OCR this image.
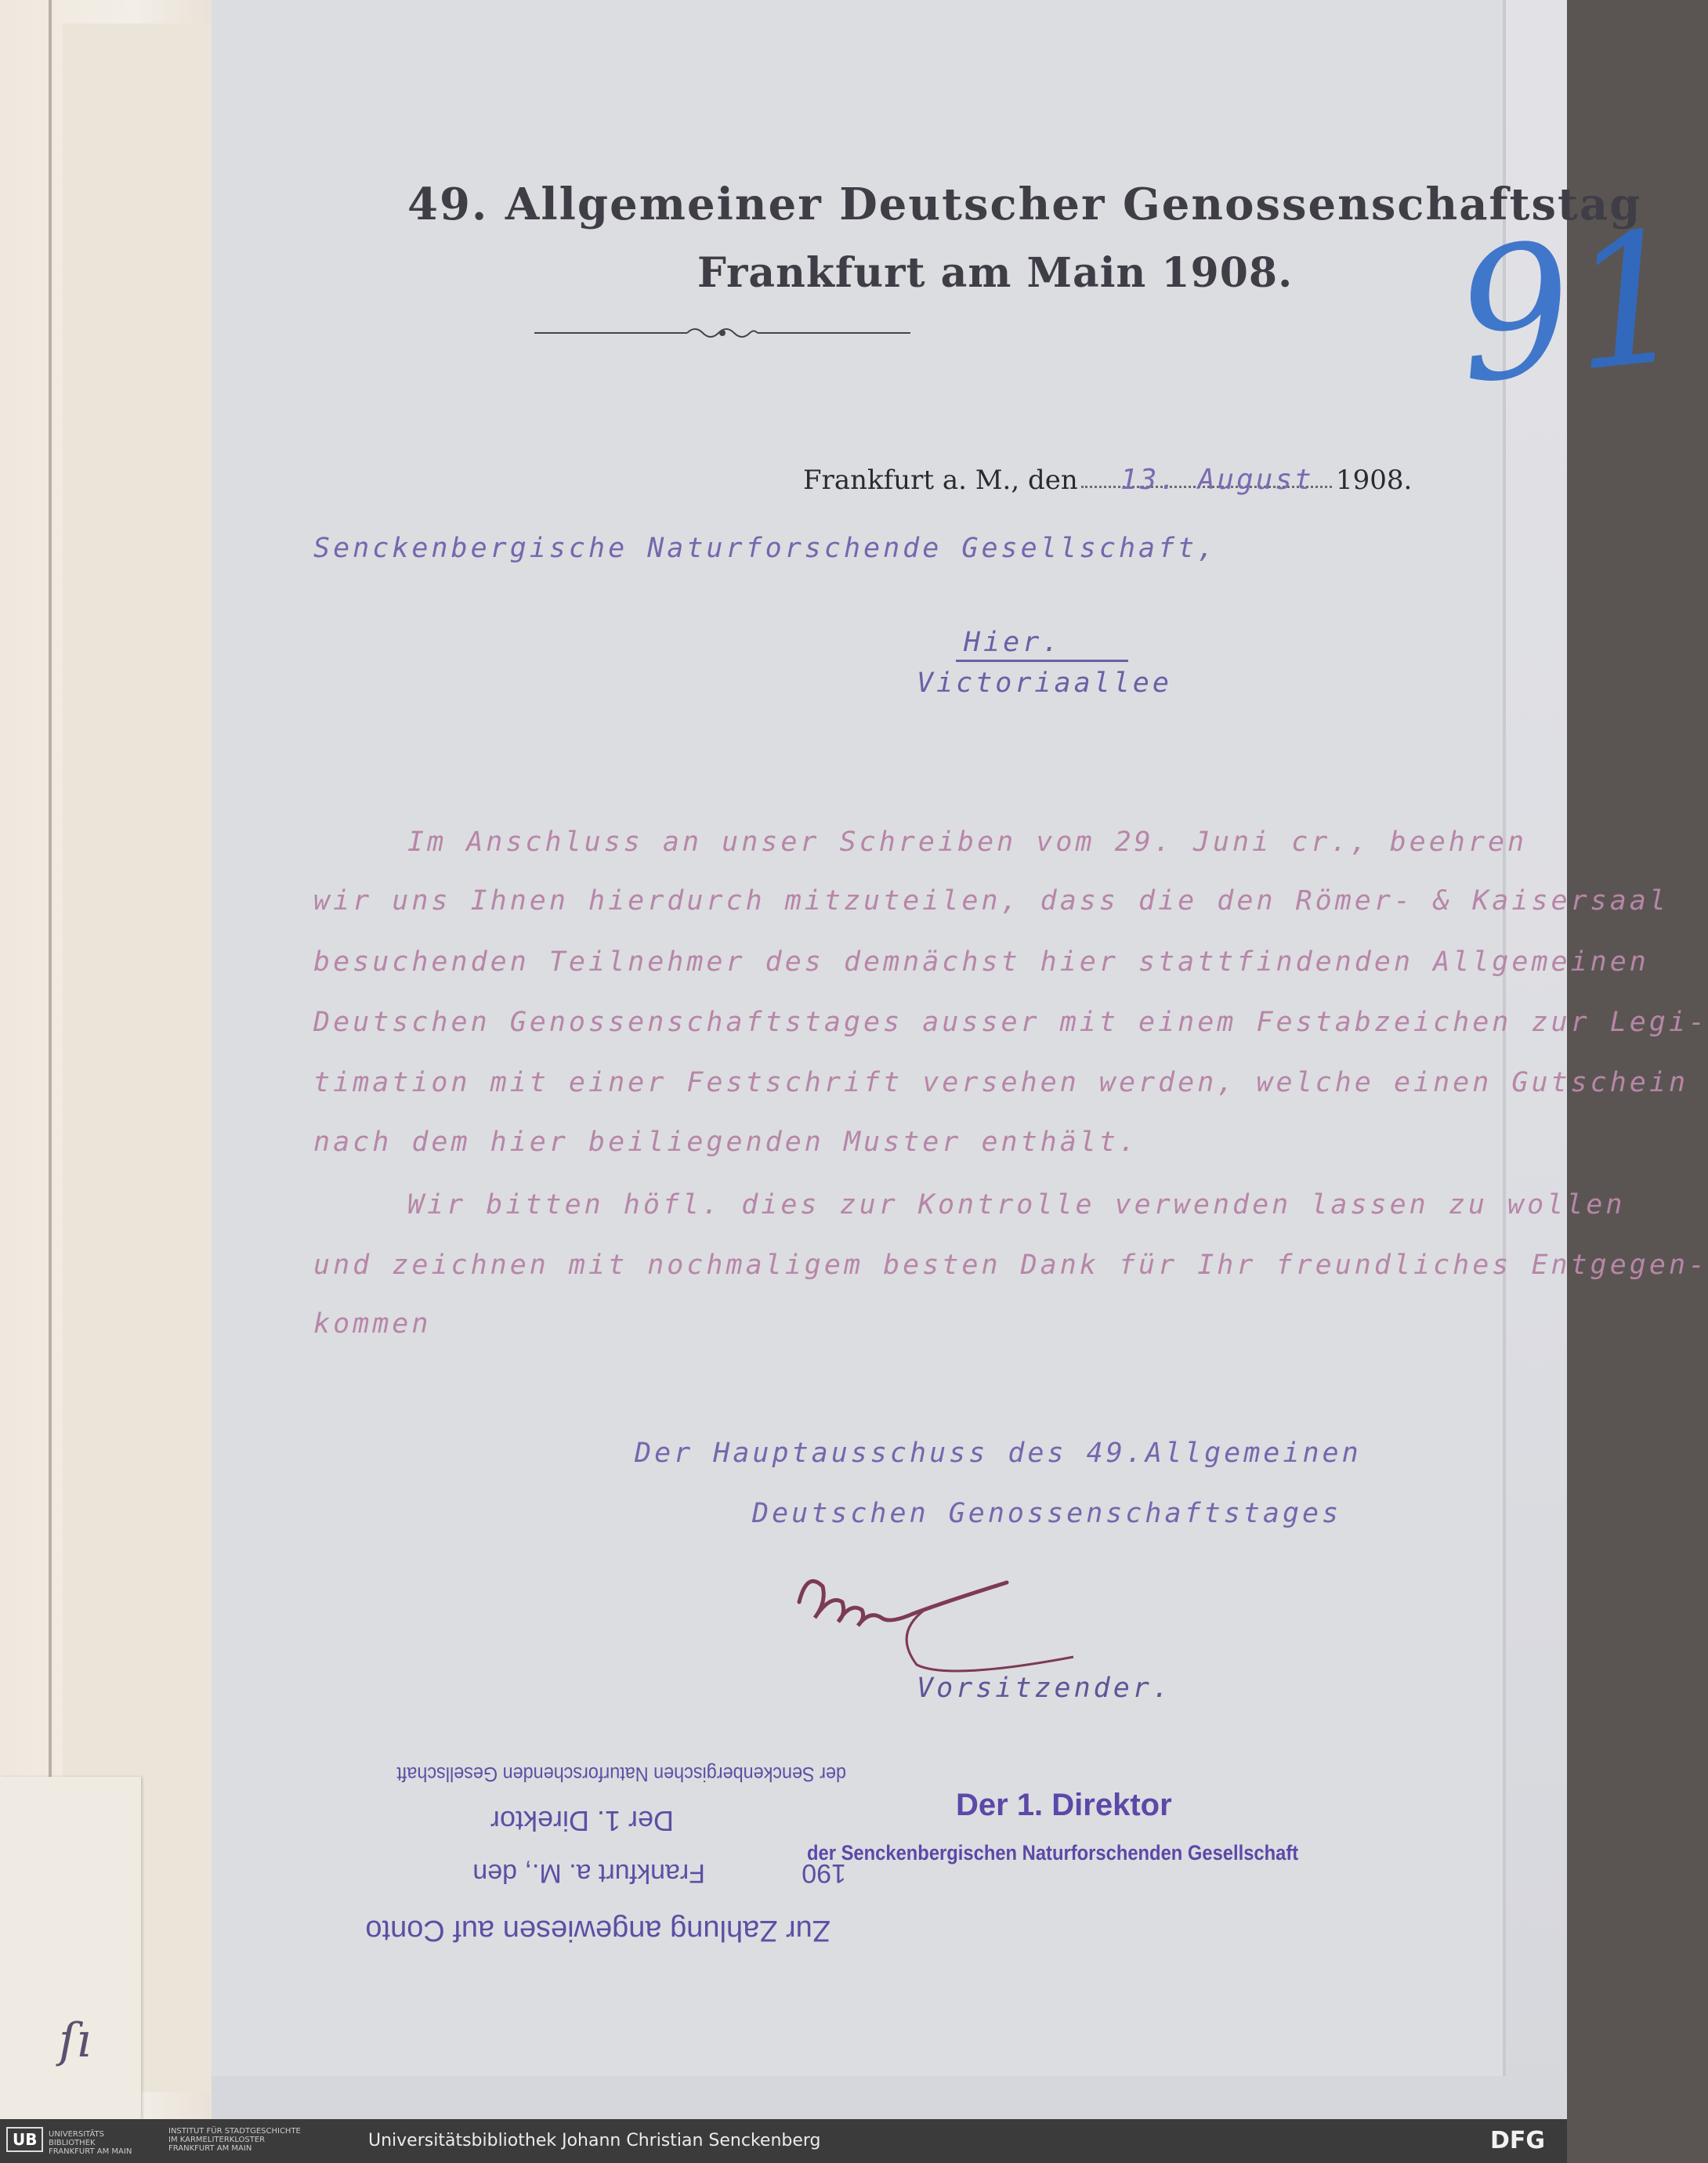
49. Allgemeiner Deutscher Genossenschaftstag
Frankfurt am Main 1908. 91
Frankfurt a. M., den 13. August 1908.
Senckenbergische Naturforschende Gesellschaft,
Hier.
Victoriaallee
Im Anschluss an unser Schreiben vom 29. Juni cr., beehren
wir uns Ihnen hierdurch mitzuteilen, dass die den Römer- & Kaisersaal
besuchenden Teilnehmer des demnächst hier stattfindenden Allgemeinen
Deutschen Genossenschaftstages ausser mit einem Festabzeichen zur Legi-
timation mit einer Festschrift versehen werden, welche einen Gutschein
nach dem hier beiliegenden Muster enthält.
Wir bitten höfl. dies zur Kontrolle verwenden lassen zu wollen
und zeichnen mit nochmaligem besten Dank für Ihr freundliches Entgegen-
kommen
Der Hauptausschuss des 49.Allgemeinen
Deutschen Genossenschaftstages
Vorsitzender.
Der 1. Direktor
der Senckenbergischen Naturforschenden Gesellschaft
Zur Zahlung angewiesen auf Conto
Frankfurt a. M., den	190
Der 1. Direktor
der Senckenbergischen Naturforschenden Gesellschaft
ſı
UB	UNIVERSITÄTS BIBLIOTHEK FRANKFURT AM MAIN
INSTITUT FÜR STADTGESCHICHTE IM KARMELITERKLOSTER FRANKFURT AM MAIN	Universitätsbibliothek Johann Christian Senckenberg	DFG
